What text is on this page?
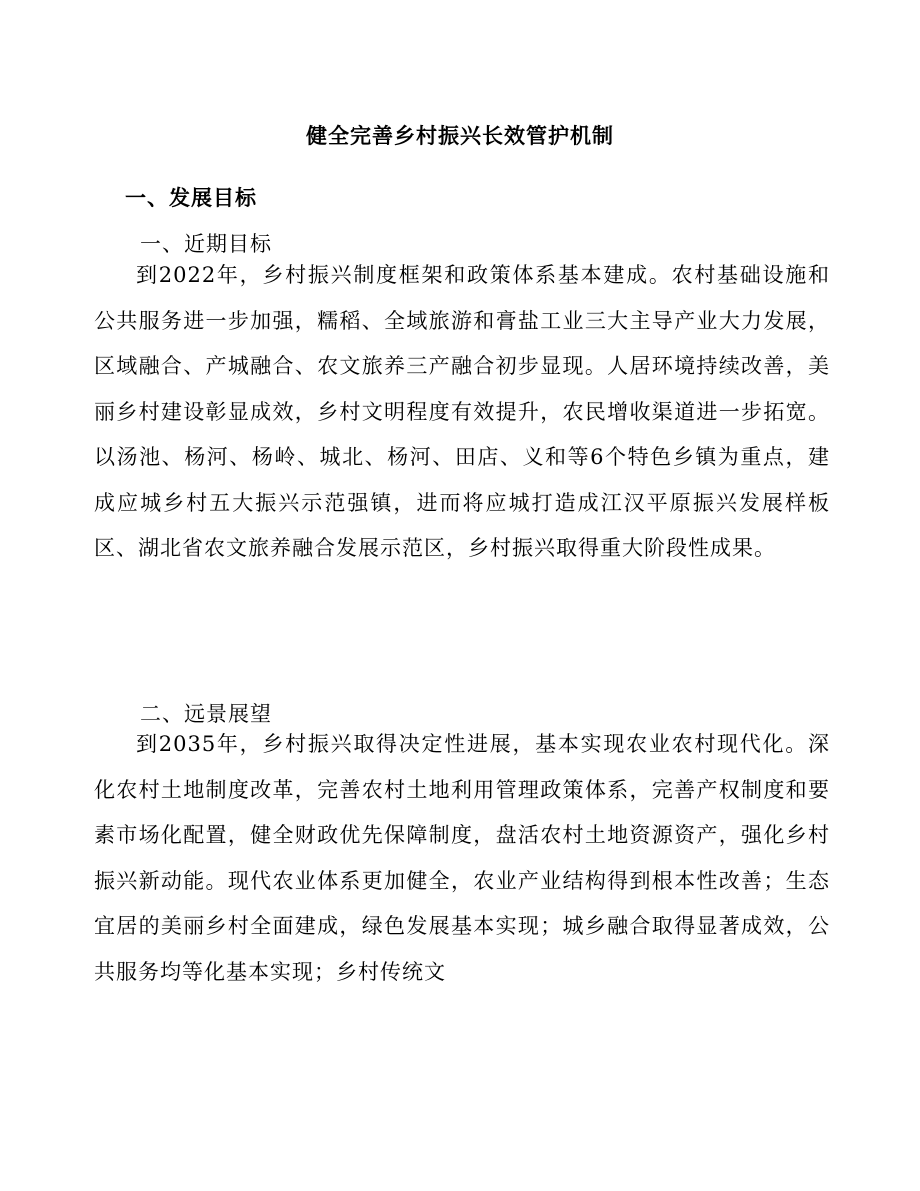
健全完善乡村振兴长效管护机制
一、发展目标
一、近期目标

到2022年，乡村振兴制度框架和政策体系基本建成。农村基础设施和公共服务进一步加强，糯稻、全域旅游和膏盐工业三大主导产业大力发展，区域融合、产城融合、农文旅养三产融合初步显现。人居环境持续改善，美丽乡村建设彰显成效，乡村文明程度有效提升，农民增收渠道进一步拓宽。以汤池、杨河、杨岭、城北、杨河、田店、义和等6个特色乡镇为重点，建成应城乡村五大振兴示范强镇，进而将应城打造成江汉平原振兴发展样板区、湖北省农文旅养融合发展示范区，乡村振兴取得重大阶段性成果。

二、远景展望

到2035年，乡村振兴取得决定性进展，基本实现农业农村现代化。深化农村土地制度改革，完善农村土地利用管理政策体系，完善产权制度和要素市场化配置，健全财政优先保障制度，盘活农村土地资源资产，强化乡村振兴新动能。现代农业体系更加健全，农业产业结构得到根本性改善；生态宜居的美丽乡村全面建成，绿色发展基本实现；城乡融合取得显著成效，公共服务均等化基本实现；乡村传统文
